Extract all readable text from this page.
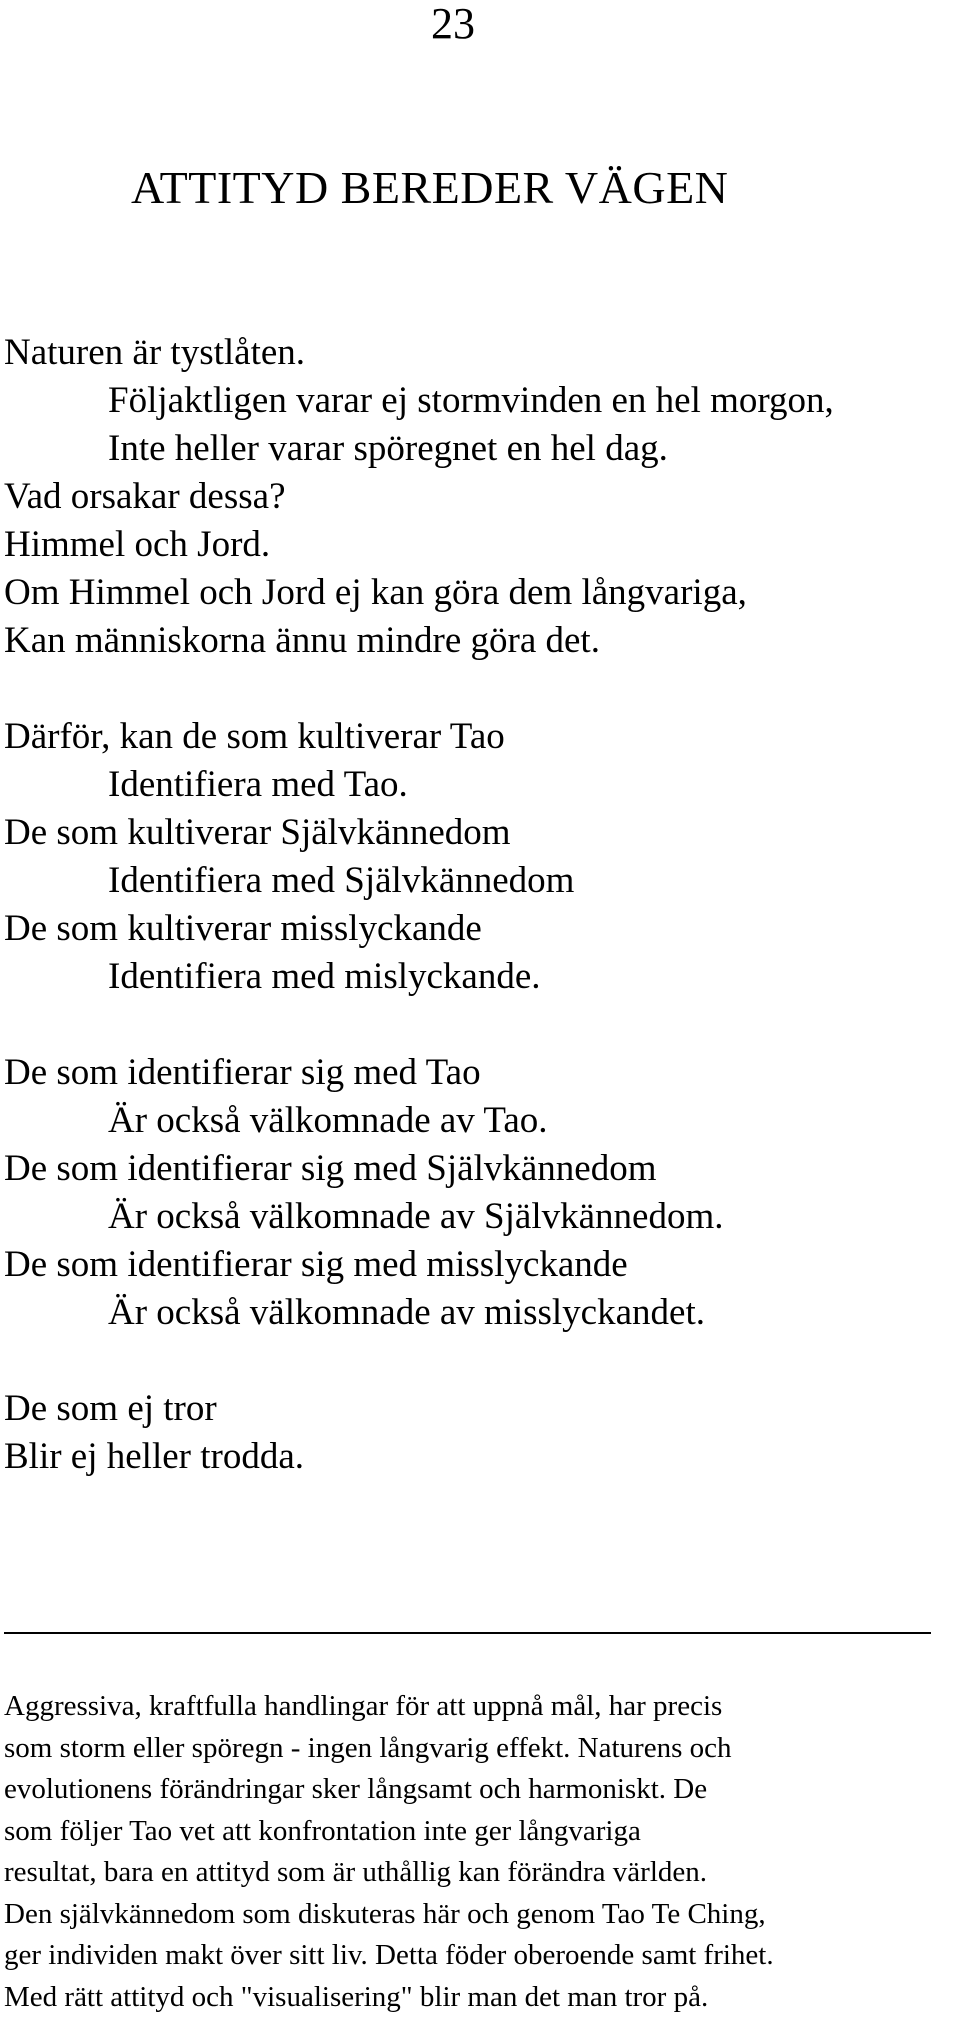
23
ATTITYD BEREDER VÄGEN
Naturen är tystlåten.
Följaktligen varar ej stormvinden en hel morgon,
Inte heller varar spöregnet en hel dag.
Vad orsakar dessa?
Himmel och Jord.
Om Himmel och Jord ej kan göra dem långvariga,
Kan människorna ännu mindre göra det.
Därför, kan de som kultiverar Tao
Identifiera med Tao.
De som kultiverar Självkännedom
Identifiera med Självkännedom
De som kultiverar misslyckande
Identifiera med mislyckande.
De som identifierar sig med Tao
Är också välkomnade av Tao.
De som identifierar sig med Självkännedom
Är också välkomnade av Självkännedom.
De som identifierar sig med misslyckande
Är också välkomnade av misslyckandet.
De som ej tror
Blir ej heller trodda.
Aggressiva, kraftfulla handlingar för att uppnå mål, har precis
som storm eller spöregn - ingen långvarig effekt. Naturens och
evolutionens förändringar sker långsamt och harmoniskt. De
som följer Tao vet att konfrontation inte ger långvariga
resultat, bara en attityd som är uthållig kan förändra världen.
Den självkännedom som diskuteras här och genom Tao Te Ching,
ger individen makt över sitt liv. Detta föder oberoende samt frihet.
Med rätt attityd och "visualisering" blir man det man tror på.
